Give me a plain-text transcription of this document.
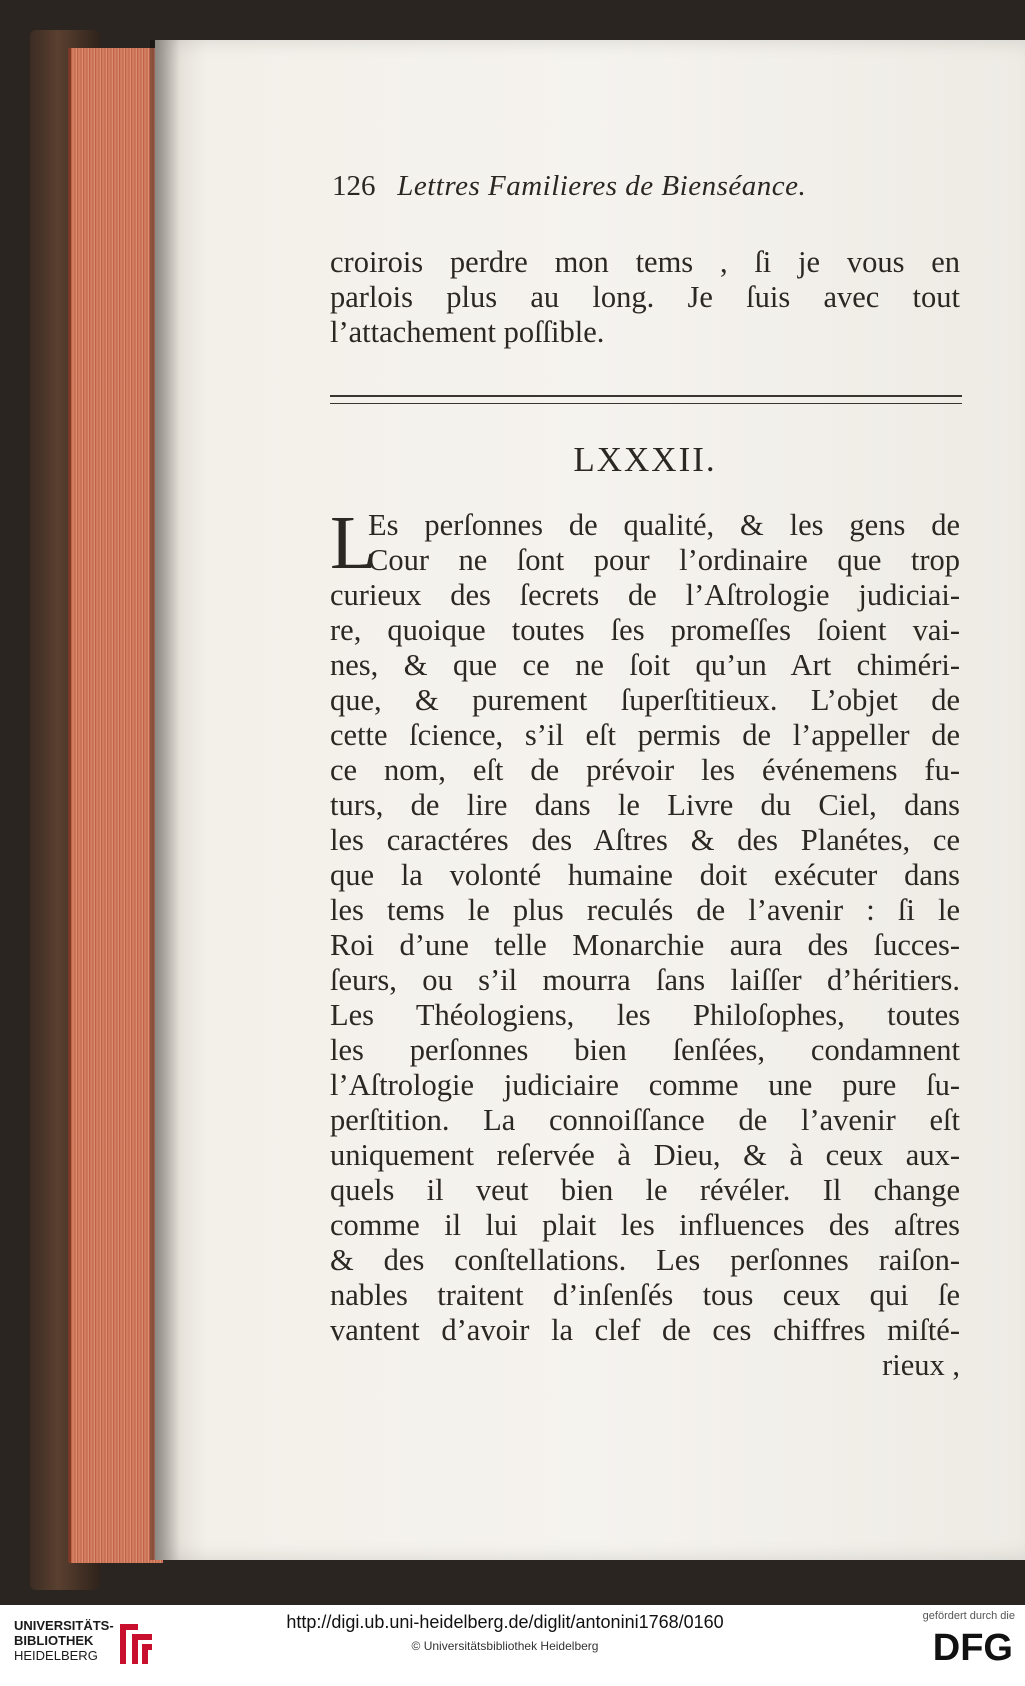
126 Lettres Familieres de Bienséance.
croirois perdre mon tems , ſi je vous en
parlois plus au long. Je ſuis avec tout
l’attachement poſſible.
LXXXII.
L
Es perſonnes de qualité, & les gens de
Cour ne ſont pour l’ordinaire que trop
curieux des ſecrets de l’Aſtrologie judiciai-
re, quoique toutes ſes promeſſes ſoient vai-
nes, & que ce ne ſoit qu’un Art chiméri-
que, & purement ſuperſtitieux. L’objet de
cette ſcience, s’il eſt permis de l’appeller de
ce nom, eſt de prévoir les événemens fu-
turs, de lire dans le Livre du Ciel, dans
les caractéres des Aſtres & des Planétes, ce
que la volonté humaine doit exécuter dans
les tems le plus reculés de l’avenir : ſi le
Roi d’une telle Monarchie aura des ſucces-
ſeurs, ou s’il mourra ſans laiſſer d’héritiers.
Les Théologiens, les Philoſophes, toutes
les perſonnes bien ſenſées, condamnent
l’Aſtrologie judiciaire comme une pure ſu-
perſtition. La connoiſſance de l’avenir eſt
uniquement reſervée à Dieu, & à ceux aux-
quels il veut bien le révéler. Il change
comme il lui plait les influences des aſtres
& des conſtellations. Les perſonnes raiſon-
nables traitent d’inſenſés tous ceux qui ſe
vantent d’avoir la clef de ces chiffres miſté-
rieux ,
UNIVERSITÄTS-
BIBLIOTHEK
HEIDELBERG
http://digi.ub.uni-heidelberg.de/diglit/antonini1768/0160
© Universitätsbibliothek Heidelberg
gefördert durch die
DFG
